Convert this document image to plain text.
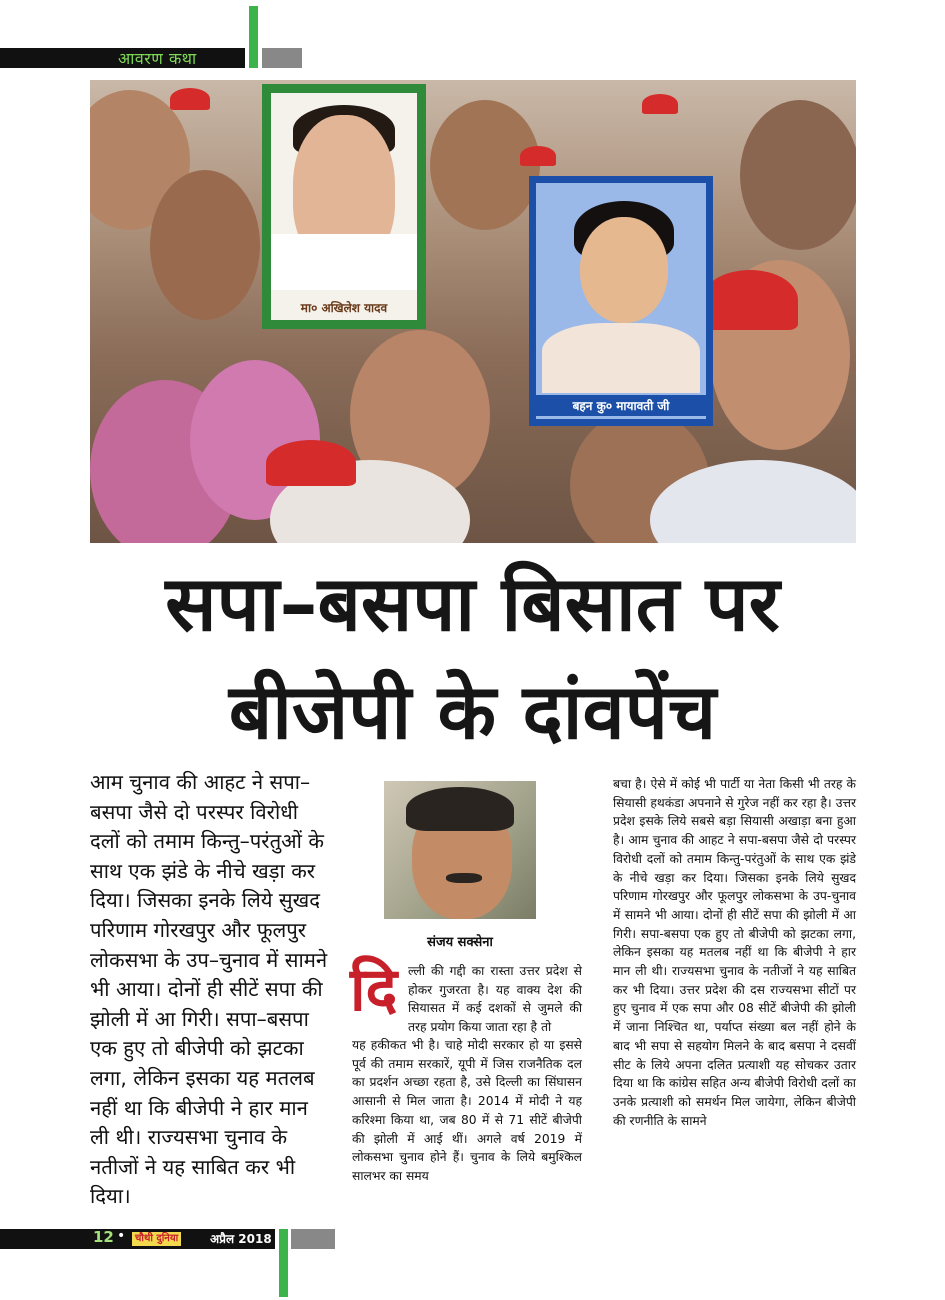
आवरण कथा
मा० अखिलेश यादव
बहन कु० मायावती जी
सपा–बसपा बिसात पर
बीजेपी के दांवपेंच
आम चुनाव की आहट ने सपा–बसपा जैसे दो परस्पर विरोधी दलों को तमाम किन्तु–परंतुओं के साथ एक झंडे के नीचे खड़ा कर दिया। जिसका इनके लिये सुखद परिणाम गोरखपुर और फूलपुर लोकसभा के उप–चुनाव में सामने भी आया। दोनों ही सीटें सपा की झोली में आ गिरी। सपा–बसपा एक हुए तो बीजेपी को झटका लगा, लेकिन इसका यह मतलब नहीं था कि बीजेपी ने हार मान ली थी। राज्यसभा चुनाव के नतीजों ने यह साबित कर भी दिया।
संजय सक्सेना
दि ल्ली की गद्दी का रास्ता उत्तर प्रदेश से होकर गुजरता है। यह वाक्य देश की सियासत में कई दशकों से जुमले की तरह प्रयोग किया जाता रहा है तो
यह हकीकत भी है। चाहे मोदी सरकार हो या इससे पूर्व की तमाम सरकारें, यूपी में जिस राजनैतिक दल का प्रदर्शन अच्छा रहता है, उसे दिल्ली का सिंघासन आसानी से मिल जाता है। 2014 में मोदी ने यह करिश्मा किया था, जब 80 में से 71 सीटें बीजेपी की झोली में आई थीं। अगले वर्ष 2019 में लोकसभा चुनाव होने हैं। चुनाव के लिये बमुश्किल सालभर का समय
बचा है। ऐसे में कोई भी पार्टी या नेता किसी भी तरह के सियासी हथकंडा अपनाने से गुरेज नहीं कर रहा है। उत्तर प्रदेश इसके लिये सबसे बड़ा सियासी अखाड़ा बना हुआ है। आम चुनाव की आहट ने सपा-बसपा जैसे दो परस्पर विरोधी दलों को तमाम किन्तु-परंतुओं के साथ एक झंडे के नीचे खड़ा कर दिया। जिसका इनके लिये सुखद परिणाम गोरखपुर और फूलपुर लोकसभा के उप-चुनाव में सामने भी आया। दोनों ही सीटें सपा की झोली में आ गिरी। सपा-बसपा एक हुए तो बीजेपी को झटका लगा, लेकिन इसका यह मतलब नहीं था कि बीजेपी ने हार मान ली थी। राज्यसभा चुनाव के नतीजों ने यह साबित कर भी दिया। उत्तर प्रदेश की दस राज्यसभा सीटों पर हुए चुनाव में एक सपा और 08 सीटें बीजेपी की झोली में जाना निश्चित था, पर्याप्त संख्या बल नहीं होने के बाद भी सपा से सहयोग मिलने के बाद बसपा ने दसवीं सीट के लिये अपना दलित प्रत्याशी यह सोचकर उतार दिया था कि कांग्रेस सहित अन्य बीजेपी विरोधी दलों का उनके प्रत्याशी को समर्थन मिल जायेगा, लेकिन बीजेपी की रणनीति के सामने
12 • चौथी दुनिया	अप्रैल 2018
